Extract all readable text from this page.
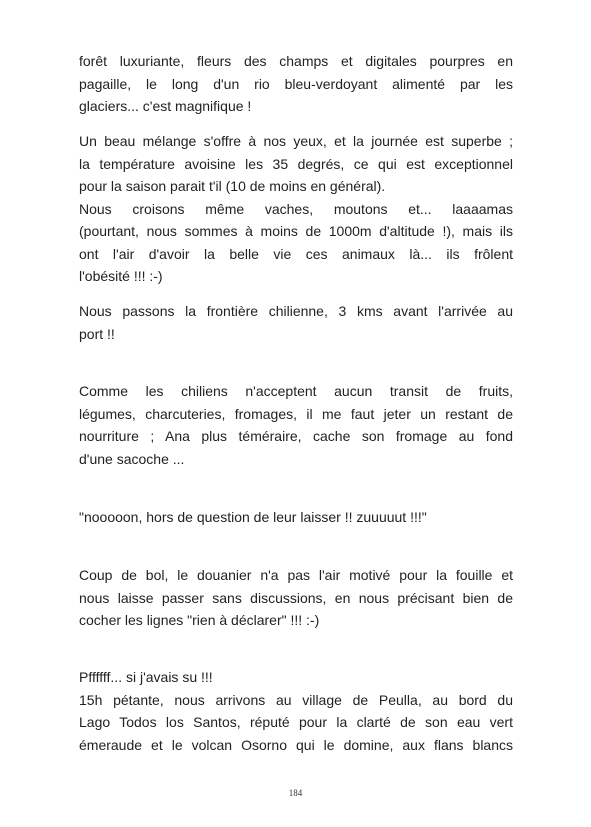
forêt luxuriante, fleurs des champs et digitales pourpres en
pagaille, le long d'un rio bleu-verdoyant alimenté par les
glaciers... c'est magnifique !
Un beau mélange s'offre à nos yeux, et la journée est superbe ;
la température avoisine les 35 degrés, ce qui est exceptionnel
pour la saison parait t'il (10 de moins en général).
Nous croisons même vaches, moutons et... laaaamas
(pourtant, nous sommes à moins de 1000m d'altitude !), mais ils
ont l'air d'avoir la belle vie ces animaux là... ils frôlent
l'obésité !!! :-)
Nous passons la frontière chilienne, 3 kms avant l'arrivée au
port !!
Comme les chiliens n'acceptent aucun transit de fruits,
légumes, charcuteries, fromages, il me faut jeter un restant de
nourriture ; Ana plus téméraire, cache son fromage au fond
d'une sacoche ...
"nooooon, hors de question de leur laisser !! zuuuuut !!!"
Coup de bol, le douanier n'a pas l'air motivé pour la fouille et
nous laisse passer sans discussions, en nous précisant bien de
cocher les lignes "rien à déclarer" !!! :-)
Pffffff... si j'avais su !!!
15h pétante, nous arrivons au village de Peulla, au bord du
Lago Todos los Santos, réputé pour la clarté de son eau vert
émeraude et le volcan Osorno qui le domine, aux flans blancs
184
